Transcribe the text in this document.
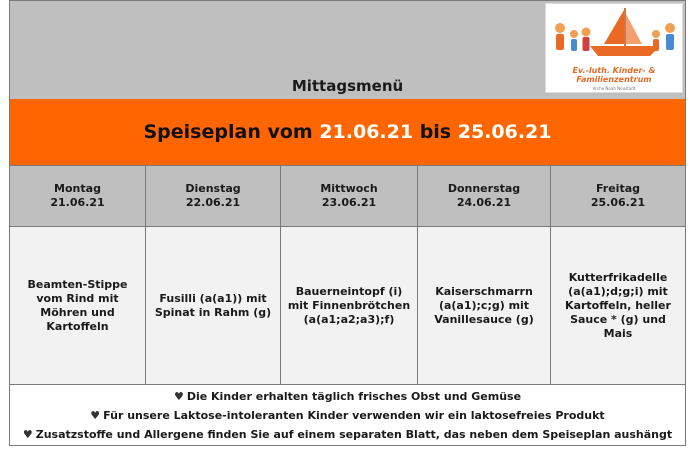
Mittagsmenü
Ev.-luth. Kinder- &
Familienzentrum
Arche Noah Neustadt
Speiseplan vom 21.06.21 bis 25.06.21
Montag
21.06.21
Beamten-Stippe vom Rind mit Möhren und Kartoffeln
Dienstag
22.06.21
Fusilli (a(a1)) mit Spinat in Rahm (g)
Mittwoch
23.06.21
Bauerneintopf (i) mit Finnenbrötchen (a(a1;a2;a3);f)
Donnerstag
24.06.21
Kaiserschmarrn (a(a1);c;g) mit Vanillesauce (g)
Freitag
25.06.21
Kutterfrikadelle (a(a1);d;g;i) mit Kartoffeln, heller Sauce * (g) und Mais
♥ Die Kinder erhalten täglich frisches Obst und Gemüse
♥ Für unsere Laktose-intoleranten Kinder verwenden wir ein laktosefreies Produkt
♥ Zusatzstoffe und Allergene finden Sie auf einem separaten Blatt, das neben dem Speiseplan aushängt
